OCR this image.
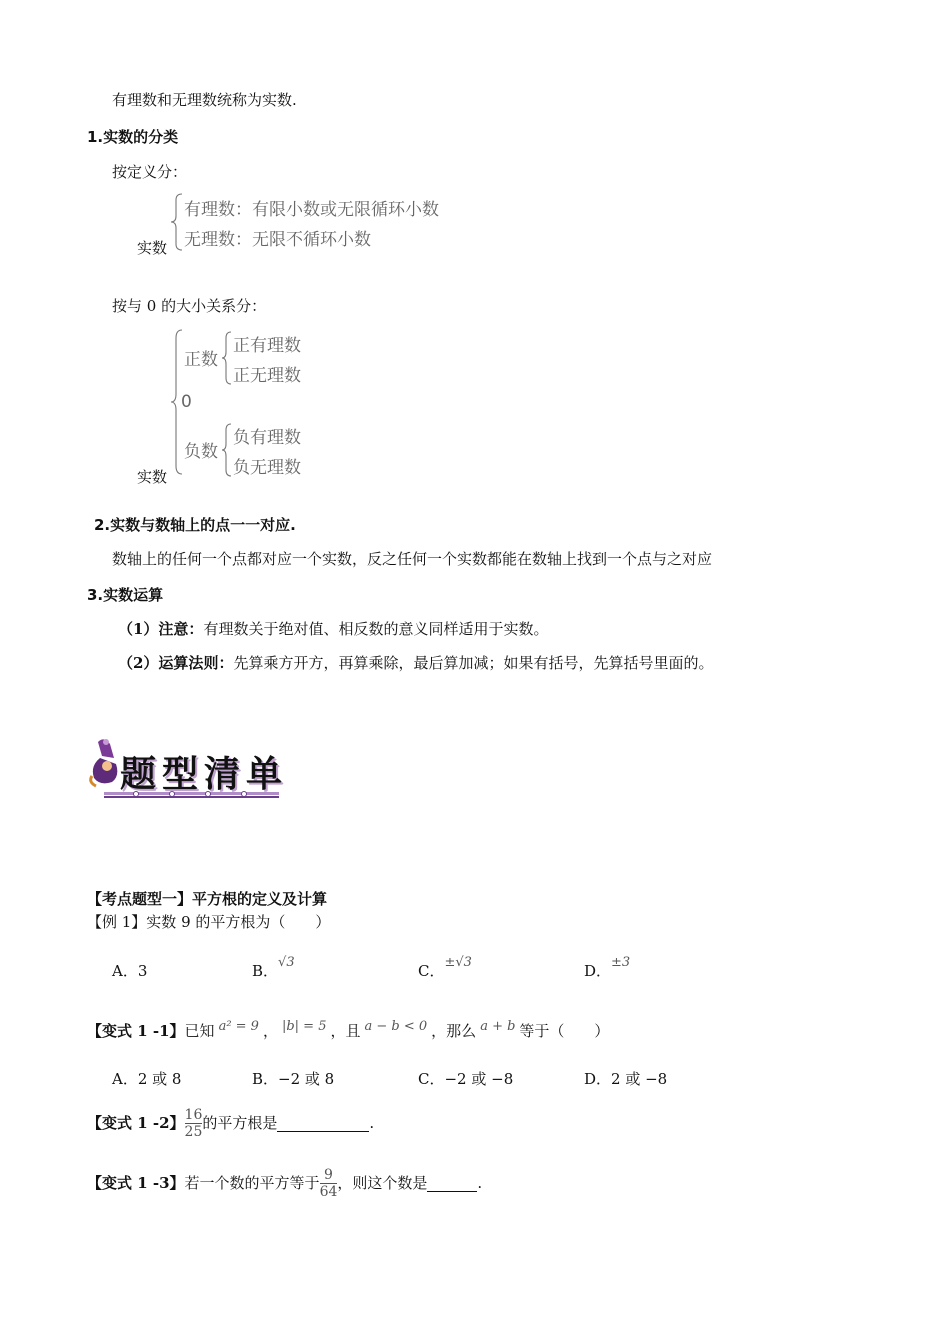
有理数和无理数统称为实数.
1.实数的分类
按定义分：
实数
有理数：有限小数或无限循环小数
无理数：无限不循环小数
按与 0 的大小关系分：
实数
正数
正有理数
正无理数
0
负数
负有理数
负无理数
2.实数与数轴上的点一一对应.
数轴上的任何一个点都对应一个实数，反之任何一个实数都能在数轴上找到一个点与之对应
3.实数运算
（1）注意：有理数关于绝对值、相反数的意义同样适用于实数。
（2）运算法则：先算乘方开方，再算乘除，最后算加减；如果有括号，先算括号里面的。
题型清单
【考点题型一】平方根的定义及计算
【例 1】实数 9 的平方根为（　　）
A．3	B．√3	C．±√3	D．±3
【变式 1 -1】已知 a² = 9 ， |b| = 5 ，且 a − b < 0 ，那么 a + b 等于（　　）
A．2 或 8	B．−2 或 8	C．−2 或 −8	D．2 或 −8
【变式 1 -2】 $\frac{16}{25}$ 的平方根是	.
【变式 1 -3】 若一个数的平方等于 $\frac{9}{64}$ ，则这个数是	.
